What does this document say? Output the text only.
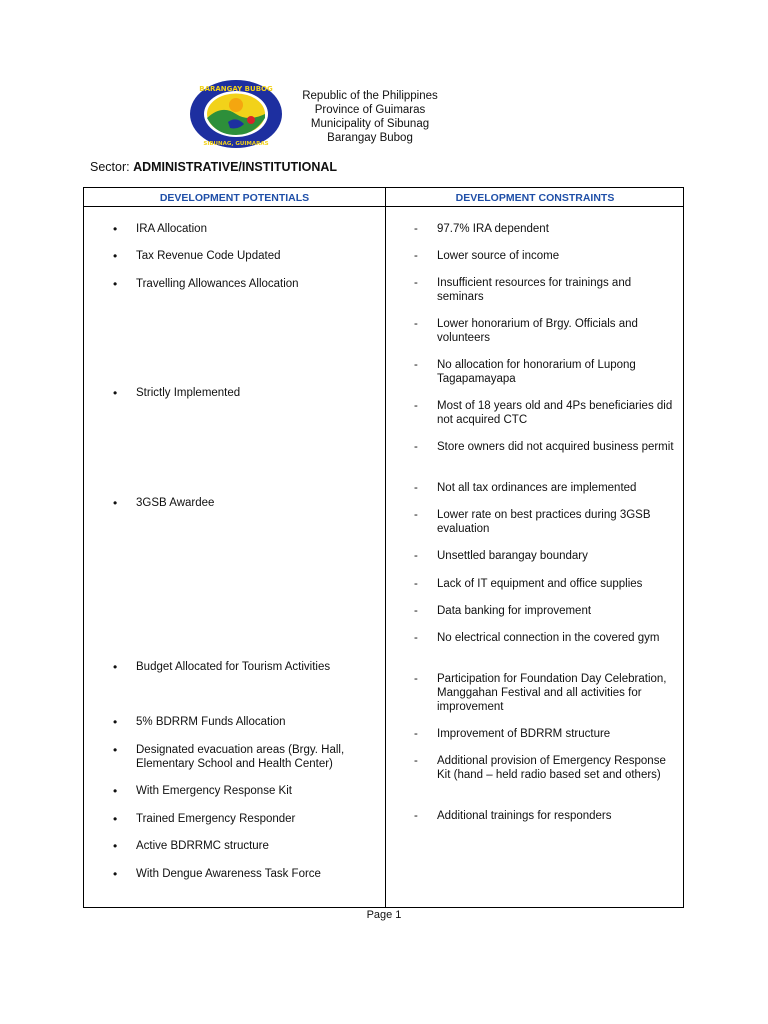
BARANGAY BUBOG
SIBUNAG, GUIMARAS
Republic of the Philippines
Province of Guimaras
Municipality of Sibunag
Barangay Bubog
Sector: ADMINISTRATIVE/INSTITUTIONAL
DEVELOPMENT POTENTIALS	DEVELOPMENT CONSTRAINTS
• IRA Allocation
• Tax Revenue Code Updated
• Travelling Allowances Allocation
• Strictly Implemented
• 3GSB Awardee
• Budget Allocated for Tourism Activities
• 5% BDRRM Funds Allocation
• Designated evacuation areas (Brgy. Hall, Elementary School and Health Center)
• With Emergency Response Kit
• Trained Emergency Responder
• Active BDRRMC structure
• With Dengue Awareness Task Force
- 97.7% IRA dependent
- Lower source of income
- Insufficient resources for trainings and seminars
- Lower honorarium of Brgy. Officials and volunteers
- No allocation for honorarium of Lupong Tagapamayapa
- Most of 18 years old and 4Ps beneficiaries did not acquired CTC
- Store owners did not acquired business permit
- Not all tax ordinances are implemented
- Lower rate on best practices during 3GSB evaluation
- Unsettled barangay boundary
- Lack of IT equipment and office supplies
- Data banking for improvement
- No electrical connection in the covered gym
- Participation for Foundation Day Celebration, Manggahan Festival and all activities for improvement
- Improvement of BDRRM structure
- Additional provision of Emergency Response Kit (hand – held radio based set and others)
- Additional trainings for responders
Page 1
